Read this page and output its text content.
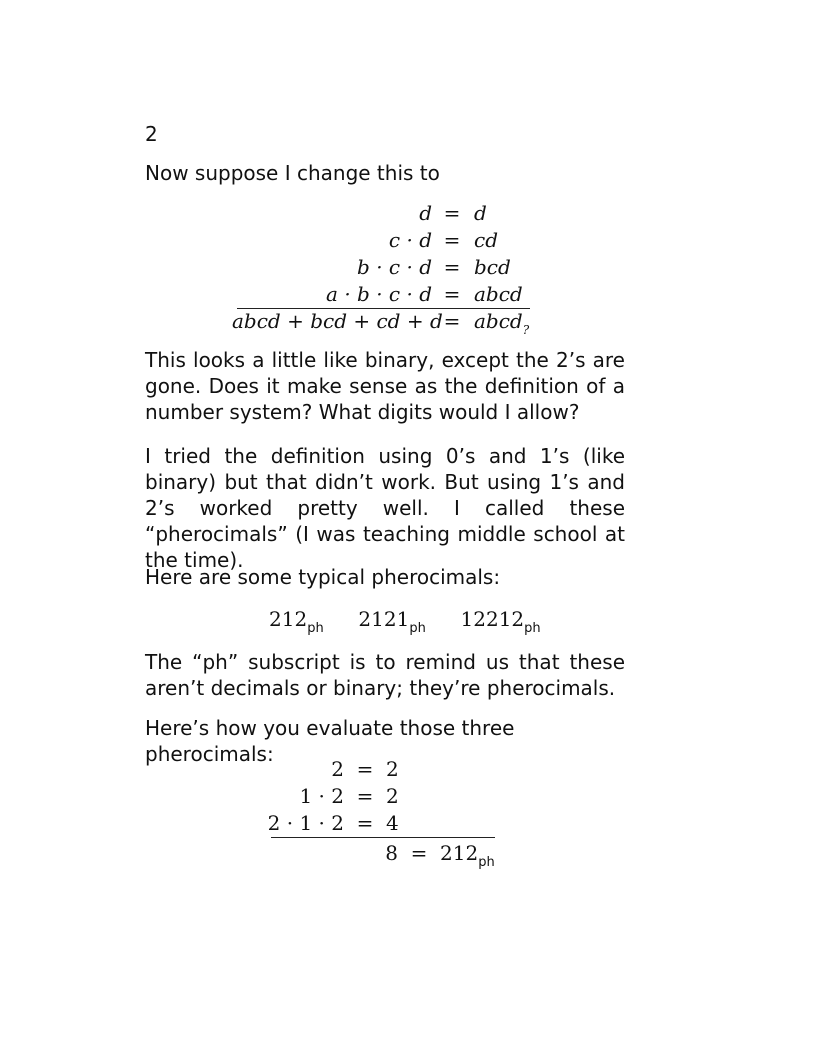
2
Now suppose I change this to
d = d
c · d = cd
b · c · d = bcd
a · b · c · d = abcd
abcd + bcd + cd + d = abcd$_?$
This looks a little like binary, except the 2’s are gone. Does it make sense as the definition of a number system? What digits would I allow?
I tried the definition using 0’s and 1’s (like binary) but that didn’t work. But using 1’s and 2’s worked pretty well. I called these “pherocimals” (I was teaching middle school at the time).
Here are some typical pherocimals:
$212_{ph}$ $2121_{ph}$ $12212_{ph}$
The “ph” subscript is to remind us that these aren’t decimals or binary; they’re pherocimals.
Here’s how you evaluate those three pherocimals:
2 = 2
1 · 2 = 2
2 · 1 · 2 = 4
$8 = 212_{ph}$
